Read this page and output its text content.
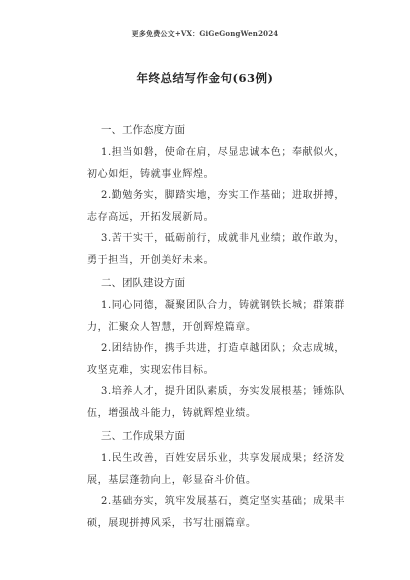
更多免费公文+VX：GiGeGongWen2024
年终总结写作金句(63例)
一、工作态度方面
1.担当如磐，使命在肩，尽显忠诚本色；奉献似火，
初心如炬，铸就事业辉煌。
2.勤勉务实，脚踏实地，夯实工作基础；进取拼搏，
志存高远，开拓发展新局。
3.苦干实干，砥砺前行，成就非凡业绩；敢作敢为，
勇于担当，开创美好未来。
二、团队建设方面
1.同心同德，凝聚团队合力，铸就钢铁长城；群策群
力，汇聚众人智慧，开创辉煌篇章。
2.团结协作，携手共进，打造卓越团队；众志成城，
攻坚克难，实现宏伟目标。
3.培养人才，提升团队素质，夯实发展根基；锤炼队
伍，增强战斗能力，铸就辉煌业绩。
三、工作成果方面
1.民生改善，百姓安居乐业，共享发展成果；经济发
展，基层蓬勃向上，彰显奋斗价值。
2.基础夯实，筑牢发展基石，奠定坚实基础；成果丰
硕，展现拼搏风采，书写壮丽篇章。
